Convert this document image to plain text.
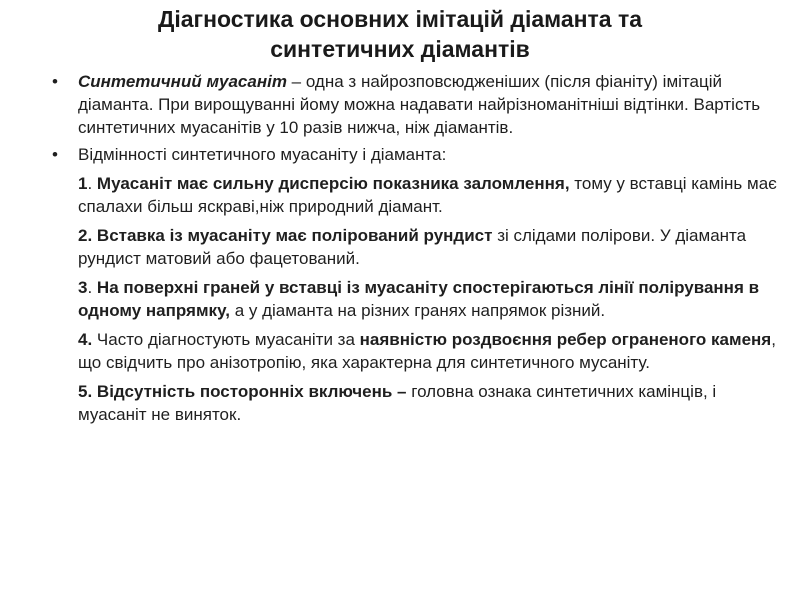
Діагностика основних імітацій діаманта та
синтетичних діамантів
• Синтетичний муасаніт – одна з найрозповсюдженіших (після фіаніту) імітацій діаманта. При вирощуванні йому можна надавати найрізноманітніші відтінки. Вартість синтетичних муасанітів у 10 разів нижча, ніж діамантів.
• Відмінності синтетичного муасаніту і діаманта:
1. Муасаніт має сильну дисперсію показника заломлення, тому у вставці камінь має спалахи більш яскраві,ніж природний діамант.
2. Вставка із муасаніту має полірований рундист зі слідами полірови. У діаманта рундист матовий або фацетований.
3. На поверхні граней у вставці із муасаніту спостерігаються лінії полірування в одному напрямку, а у діаманта на різних гранях напрямок різний.
4. Часто діагностують муасаніти за наявністю роздвоєння ребер ограненого каменя, що свідчить про анізотропію, яка характерна для синтетичного мусаніту.
5. Відсутність посторонніх включень – головна ознака синтетичних камінців, і муасаніт не виняток.
